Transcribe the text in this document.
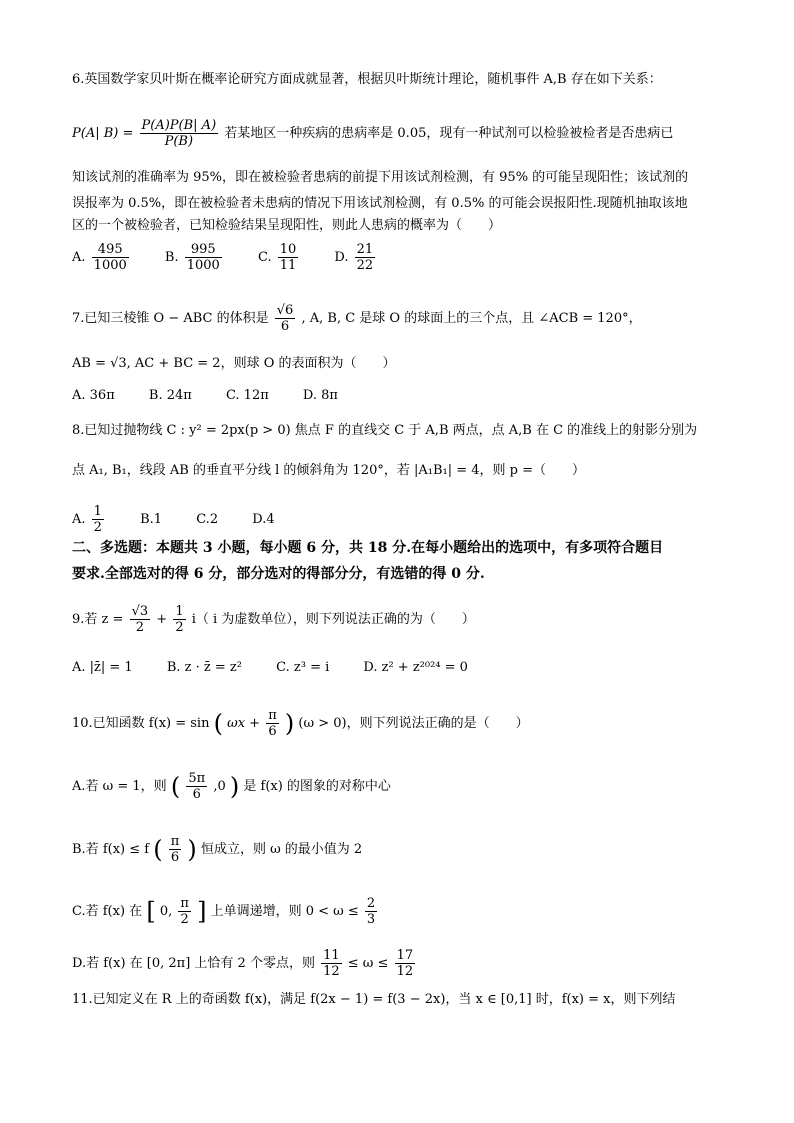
6.英国数学家贝叶斯在概率论研究方面成就显著，根据贝叶斯统计理论，随机事件 A,B 存在如下关系：
P(A| $B) = \frac{P(A)P(B| A)}{P(B)}$ 若某地区一种疾病的患病率是 0.05，现有一种试剂可以检验被检者是否患病已
知该试剂的准确率为 95%，即在被检验者患病的前提下用该试剂检测，有 95% 的可能呈现阳性；该试剂的
误报率为 0.5%，即在被检验者未患病的情况下用该试剂检测，有 0.5% 的可能会误报阳性.现随机抽取该地
区的一个被检验者，已知检验结果呈现阳性，则此人患病的概率为（　　）
A. $\frac{495}{1000}$	B. $\frac{995}{1000}$	C. $\frac{10}{11}$	D. $\frac{21}{22}$
7.已知三棱锥 O − ABC 的体积是 $\frac{√6}{6}$ , A, B, C 是球 O 的球面上的三个点，且 ∠ACB = 120°，
AB = √3, AC + BC = 2，则球 O 的表面积为（　　）
A. 36π	B. 24π	C. 12π	D. 8π
8.已知过抛物线 C : y² = 2px(p > 0) 焦点 F 的直线交 C 于 A,B 两点，点 A,B 在 C 的准线上的射影分别为
点 A₁, B₁，线段 AB 的垂直平分线 l 的倾斜角为 120°，若 |A₁B₁| = 4，则 p =（　　）
A. $\frac{1}{2}$	B.1	C.2	D.4
二、多选题：本题共 3 小题，每小题 6 分，共 18 分.在每小题给出的选项中，有多项符合题目
要求.全部选对的得 6 分，部分选对的得部分分，有选错的得 0 分.
9.若 $z = \frac{√3}{2} + \frac{1}{2} i$（ i 为虚数单位），则下列说法正确的为（　　）
A. |z̄| = 1	B. z · z̄ = z²	C. z³ = i	D. z² + z²⁰²⁴ = 0
10.已知函数 f(x) = sin ( $\omega x + \frac{\pi}{6}$ ) (ω > 0)，则下列说法正确的是（　　）
A.若 ω = 1，则 ( $\frac{5\pi}{6} ,0$ ) 是 f(x) 的图象的对称中心
B.若 f(x) ≤ f ( $\frac{\pi}{6}$ ) 恒成立，则 ω 的最小值为 2
C.若 f(x) 在 [ 0, $\frac{\pi}{2}$ ] 上单调递增，则 $0 < \omega \le \frac{2}{3}$
D.若 f(x) 在 [0, 2π] 上恰有 2 个零点，则 $\frac{11}{12} \le \omega \le \frac{17}{12}$
11.已知定义在 R 上的奇函数 f(x)，满足 f(2x − 1) = f(3 − 2x)，当 x ∈ [0,1] 时，f(x) = x，则下列结
